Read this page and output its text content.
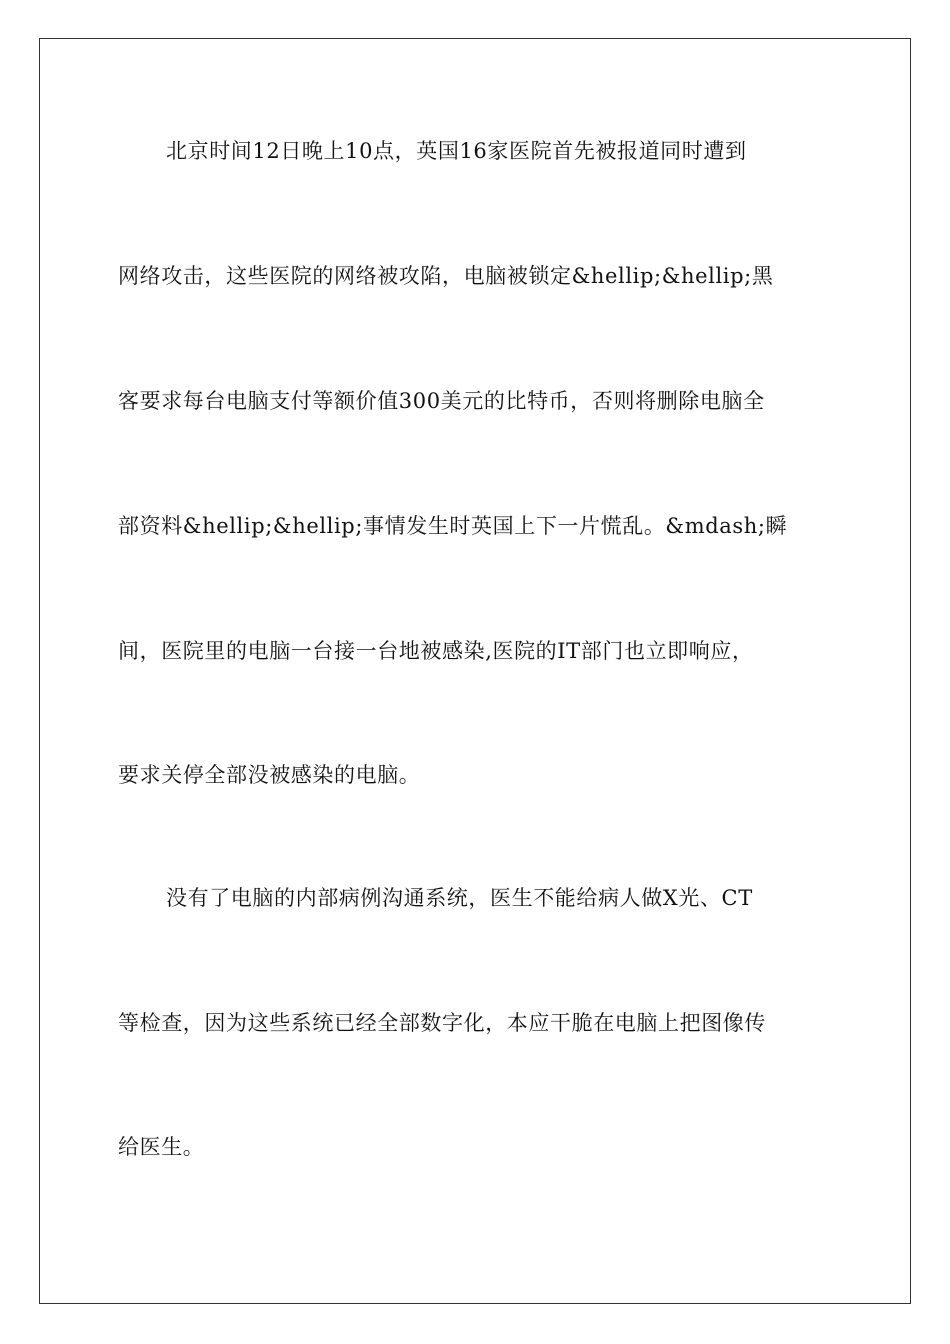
北京时间12日晚上10点，英国16家医院首先被报道同时遭到
网络攻击，这些医院的网络被攻陷，电脑被锁定&hellip;&hellip;黑
客要求每台电脑支付等额价值300美元的比特币，否则将删除电脑全
部资料&hellip;&hellip;事情发生时英国上下一片慌乱。&mdash;瞬
间，医院里的电脑一台接一台地被感染,医院的IT部门也立即响应，
要求关停全部没被感染的电脑。
没有了电脑的内部病例沟通系统，医生不能给病人做X光、CT
等检查，因为这些系统已经全部数字化，本应干脆在电脑上把图像传
给医生。
